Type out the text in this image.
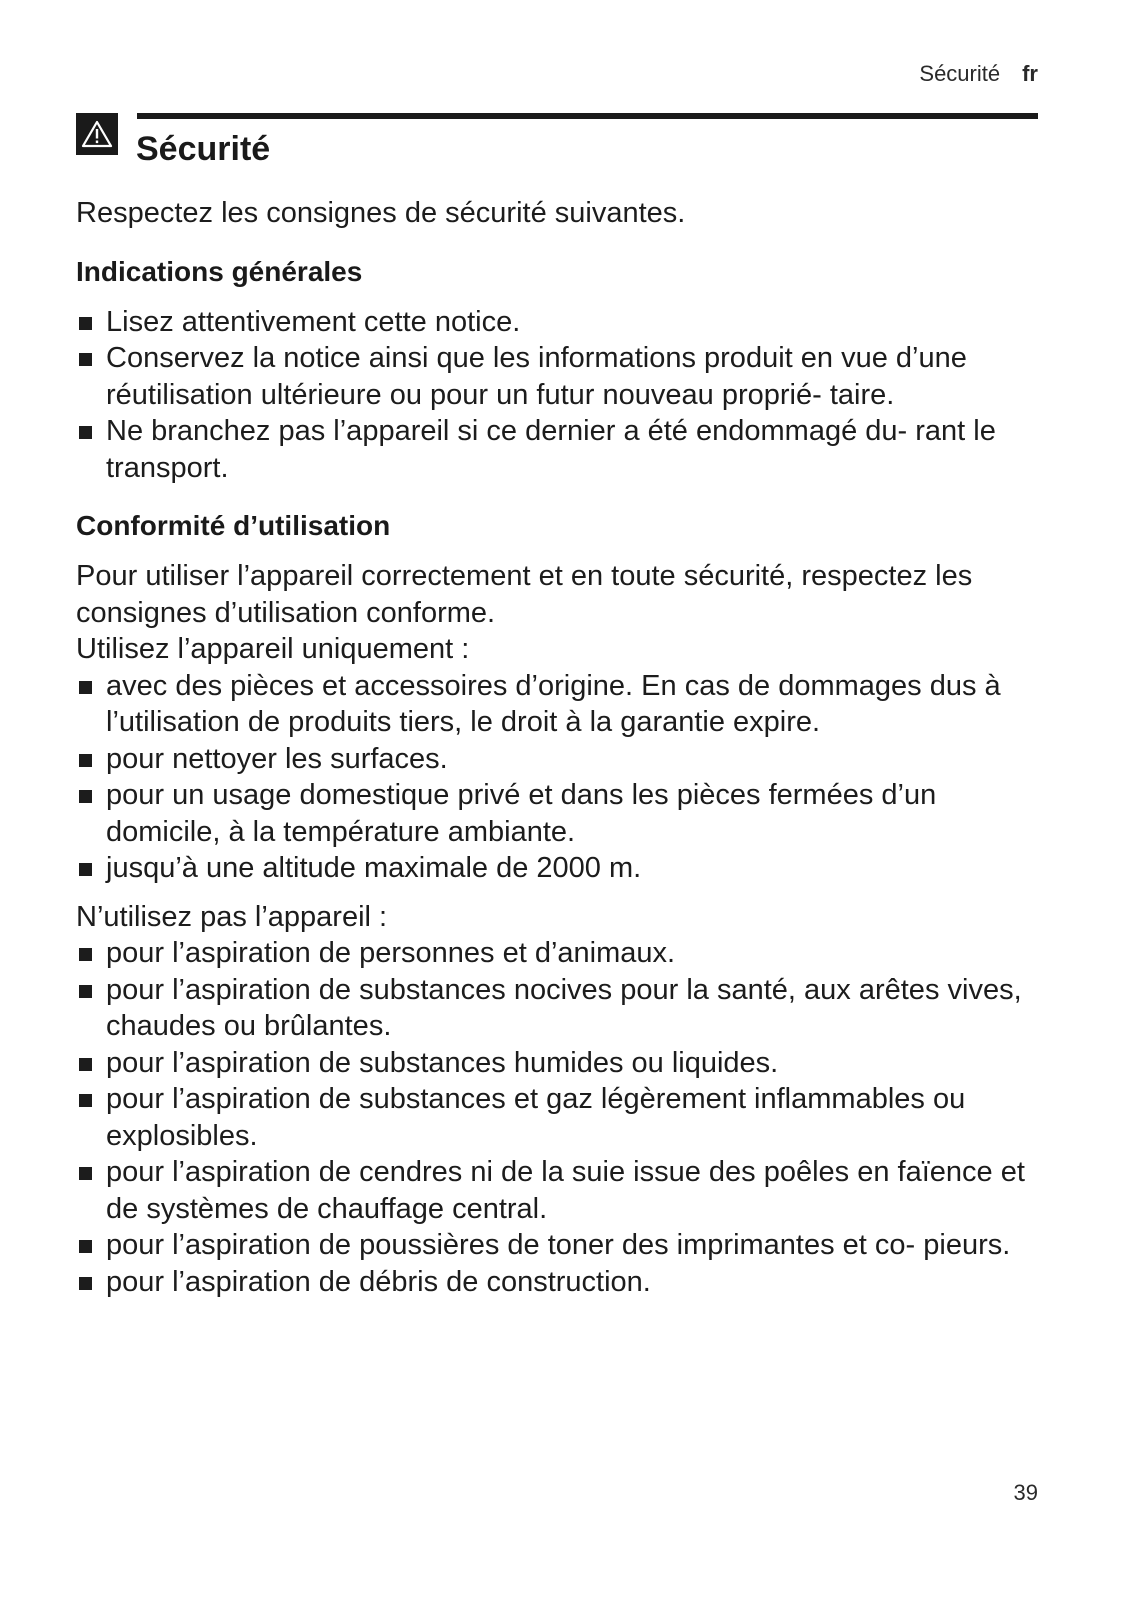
Sécurité fr
Sécurité

Respectez les consignes de sécurité suivantes.

Indications générales
Lisez attentivement cette notice.
Conservez la notice ainsi que les informations produit en vue d’une réutilisation ultérieure ou pour un futur nouveau proprié- taire.
Ne branchez pas l’appareil si ce dernier a été endommagé du- rant le transport.
Conformité d’utilisation

Pour utiliser l’appareil correctement et en toute sécurité, respectez les consignes d’utilisation conforme.

Utilisez l’appareil uniquement :

avec des pièces et accessoires d’origine. En cas de dommages dus à l’utilisation de produits tiers, le droit à la garantie expire.
pour nettoyer les surfaces.
pour un usage domestique privé et dans les pièces fermées d’un domicile, à la température ambiante.
jusqu’à une altitude maximale de 2000 m.

N’utilisez pas l’appareil :

pour l’aspiration de personnes et d’animaux.
pour l’aspiration de substances nocives pour la santé, aux arêtes vives, chaudes ou brûlantes.
pour l’aspiration de substances humides ou liquides.
pour l’aspiration de substances et gaz légèrement inflammables ou explosibles.
pour l’aspiration de cendres ni de la suie issue des poêles en faïence et de systèmes de chauffage central.
pour l’aspiration de poussières de toner des imprimantes et co- pieurs.
pour l’aspiration de débris de construction.
39
